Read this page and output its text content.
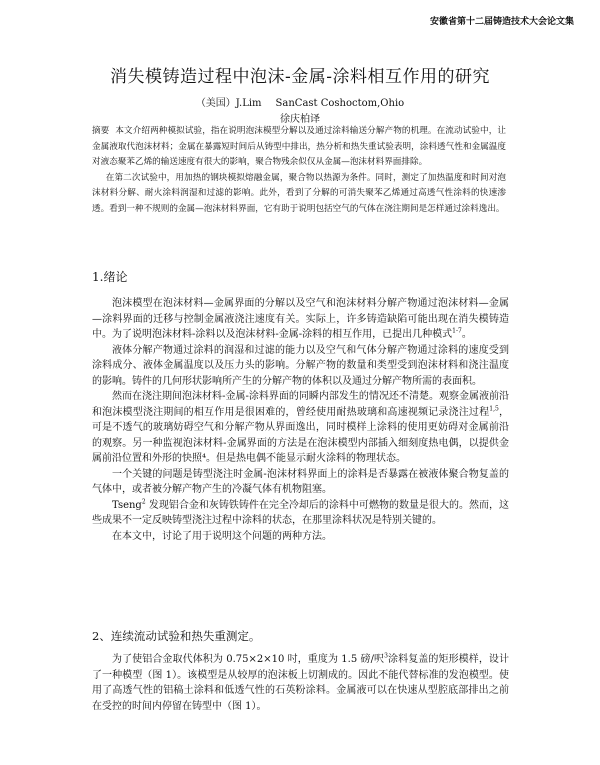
安徽省第十二届铸造技术大会论文集
消失模铸造过程中泡沫-金属-涂料相互作用的研究
（美国）J.Lim SanCast Coshoctom,Ohio
徐庆柏译

摘要 本文介绍两种模拟试验，指在说明泡沫模型分解以及通过涂料输送分解产物的机理。在流动试验中，让金属液取代泡沫材料；金属在暴露短时间后从铸型中排出，热分析和热失重试验表明，涂料透气性和金属温度对液态聚苯乙烯的输送速度有很大的影响，聚合物残余似仅从金属—泡沫材料界面排除。

在第二次试验中，用加热的钢块模拟熔融金属，聚合物以热源为条件。同时，测定了加热温度和时间对泡沫材料分解、耐火涂料润湿和过滤的影响。此外，看到了分解的可消失聚苯乙烯通过高透气性涂料的快速渗透。看到一种不规则的金属—泡沫材料界面，它有助于说明包括空气的气体在浇注期间是怎样通过涂料逸出。

1.绪论

泡沫模型在泡沫材料—金属界面的分解以及空气和泡沫材料分解产物通过泡沫材料—金属—涂料界面的迁移与控制金属液浇注速度有关。实际上，许多铸造缺陷可能出现在消失模铸造中。为了说明泡沫材料-涂料以及泡沫材料-金属-涂料的相互作用，已提出几种模式$^{1-7}$。

液体分解产物通过涂料的润湿和过滤的能力以及空气和气体分解产物通过涂料的速度受到涂料成分、液体金属温度以及压力头的影响。分解产物的数量和类型受到泡沫材料和浇注温度的影响。铸件的几何形状影响所产生的分解产物的体积以及通过分解产物所需的表面积。

然而在浇注期间泡沫材料-金属-涂料界面的同瞬内部发生的情况还不清楚。观察金属液前沿和泡沫模型浇注期间的相互作用是很困难的，曾经使用耐热玻璃和高速视频记录浇注过程$^{1,5}$，可是不透气的玻璃妨碍空气和分解产物从界面逸出，同时模样上涂料的使用更妨碍对金属前沿的观察。另一种监视泡沫材料-金属界面的方法是在泡沫模型内部插入细刻度热电偶，以提供金属前沿位置和外形的快照⁴。但是热电偶不能显示耐火涂料的物理状态。

一个关键的问题是铸型浇注时金属-泡沫材料界面上的涂料是否暴露在被液体聚合物复盖的气体中，或者被分解产物产生的冷凝气体有机物阻塞。

Tseng$^2$ 发现铝合金和灰铸铁铸件在完全冷却后的涂料中可燃物的数量是很大的。然而，这些成果不一定反映铸型浇注过程中涂料的状态，在那里涂料状况是特别关键的。

在本文中，讨论了用于说明这个问题的两种方法。

2、连续流动试验和热失重测定。

为了使铝合金取代体积为 0.75×2×10 吋，重度为 1.5 磅/呎$^3$涂料复盖的矩形模样，设计了一种模型（图 1）。该模型是从较厚的泡沫板上切割成的。因此不能代替标准的发泡模型。使用了高透气性的铝稿土涂料和低透气性的石英粉涂料。金属液可以在快速从型腔底部排出之前在受控的时间内停留在铸型中（图 1）。
